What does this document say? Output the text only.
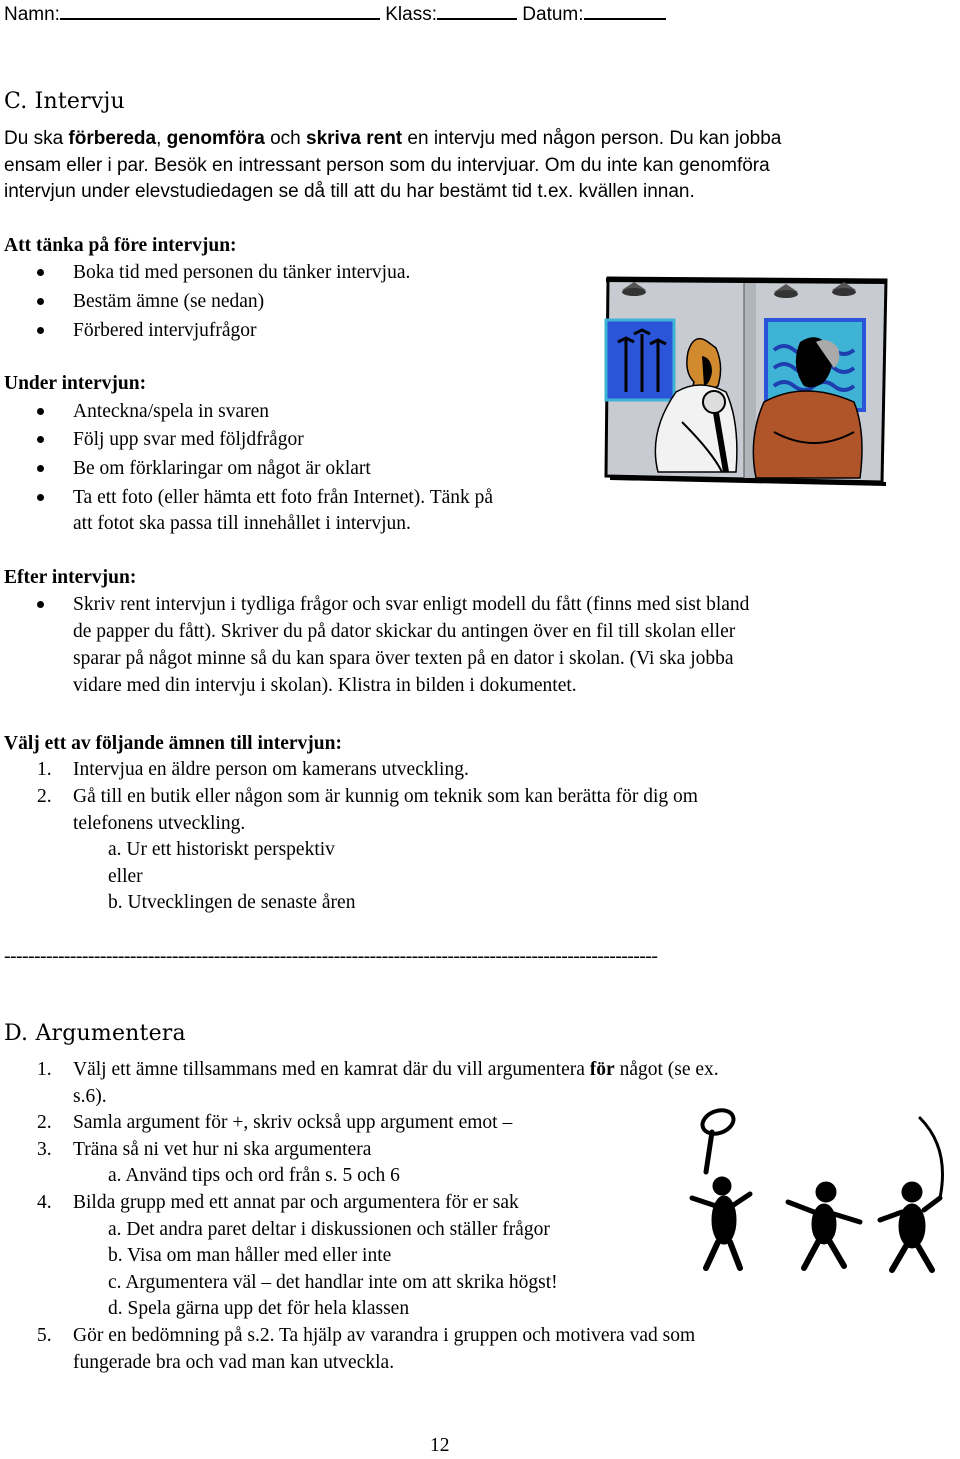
Namn:	Klass:	Datum:
C. Intervju
Du ska förbereda, genomföra och skriva rent en intervju med någon person. Du kan jobba
ensam eller i par. Besök en intressant person som du intervjuar. Om du inte kan genomföra
intervjun under elevstudiedagen se då till att du har bestämt tid t.ex. kvällen innan.
Att tänka på före intervjun:
Boka tid med personen du tänker intervjua.
Bestäm ämne (se nedan)
Förbered intervjufrågor
Under intervjun:
Anteckna/spela in svaren
Följ upp svar med följdfrågor
Be om förklaringar om något är oklart
Ta ett foto (eller hämta ett foto från Internet). Tänk på
att fotot ska passa till innehållet i intervjun.
Efter intervjun:
Skriv rent intervjun i tydliga frågor och svar enligt modell du fått (finns med sist bland
de papper du fått). Skriver du på dator skickar du antingen över en fil till skolan eller
sparar på något minne så du kan spara över texten på en dator i skolan. (Vi ska jobba
vidare med din intervju i skolan). Klistra in bilden i dokumentet.
Välj ett av följande ämnen till intervjun:
1. Intervjua en äldre person om kamerans utveckling.
2. Gå till en butik eller någon som är kunnig om teknik som kan berätta för dig om
telefonens utveckling.
a. Ur ett historiskt perspektiv
eller
b. Utvecklingen de senaste åren
-------------------------------------------------------------------------------------------------------------
D. Argumentera
1. Välj ett ämne tillsammans med en kamrat där du vill argumentera för något (se ex.
s.6).
2. Samla argument för +, skriv också upp argument emot –
3. Träna så ni vet hur ni ska argumentera
a. Använd tips och ord från s. 5 och 6
4. Bilda grupp med ett annat par och argumentera för er sak
a. Det andra paret deltar i diskussionen och ställer frågor
b. Visa om man håller med eller inte
c. Argumentera väl – det handlar inte om att skrika högst!
d. Spela gärna upp det för hela klassen
5. Gör en bedömning på s.2. Ta hjälp av varandra i gruppen och motivera vad som
fungerade bra och vad man kan utveckla.
12
